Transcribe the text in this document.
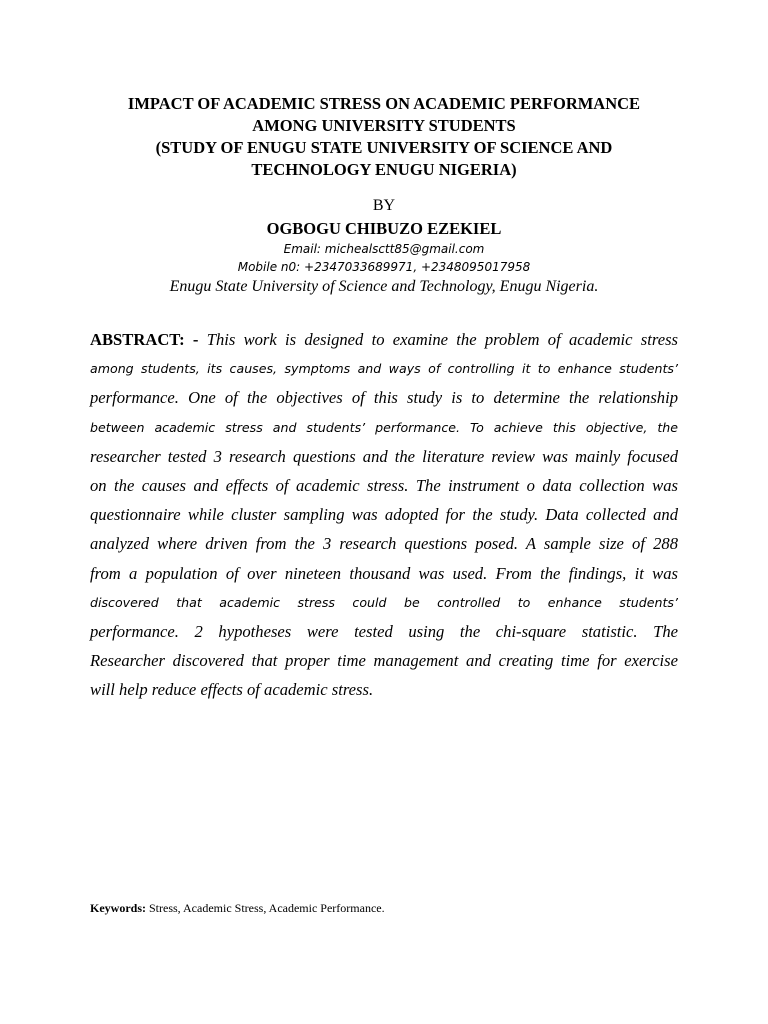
IMPACT OF ACADEMIC STRESS ON ACADEMIC PERFORMANCE
AMONG UNIVERSITY STUDENTS
(STUDY OF ENUGU STATE UNIVERSITY OF SCIENCE AND
TECHNOLOGY ENUGU NIGERIA)
BY
OGBOGU CHIBUZO EZEKIEL
Email: michealsctt85@gmail.com
Mobile n0: +2347033689971, +2348095017958
Enugu State University of Science and Technology, Enugu Nigeria.
ABSTRACT: - This work is designed to examine the problem of academic stress
among students, its causes, symptoms and ways of controlling it to enhance students’
performance. One of the objectives of this study is to determine the relationship
between academic stress and students’ performance. To achieve this objective, the
researcher tested 3 research questions and the literature review was mainly focused
on the causes and effects of academic stress. The instrument o data collection was
questionnaire while cluster sampling was adopted for the study. Data collected and
analyzed where driven from the 3 research questions posed. A sample size of 288
from a population of over nineteen thousand was used. From the findings, it was
discovered that academic stress could be controlled to enhance students’
performance. 2 hypotheses were tested using the chi-square statistic. The
Researcher discovered that proper time management and creating time for exercise
will help reduce effects of academic stress.
Keywords: Stress, Academic Stress, Academic Performance.
